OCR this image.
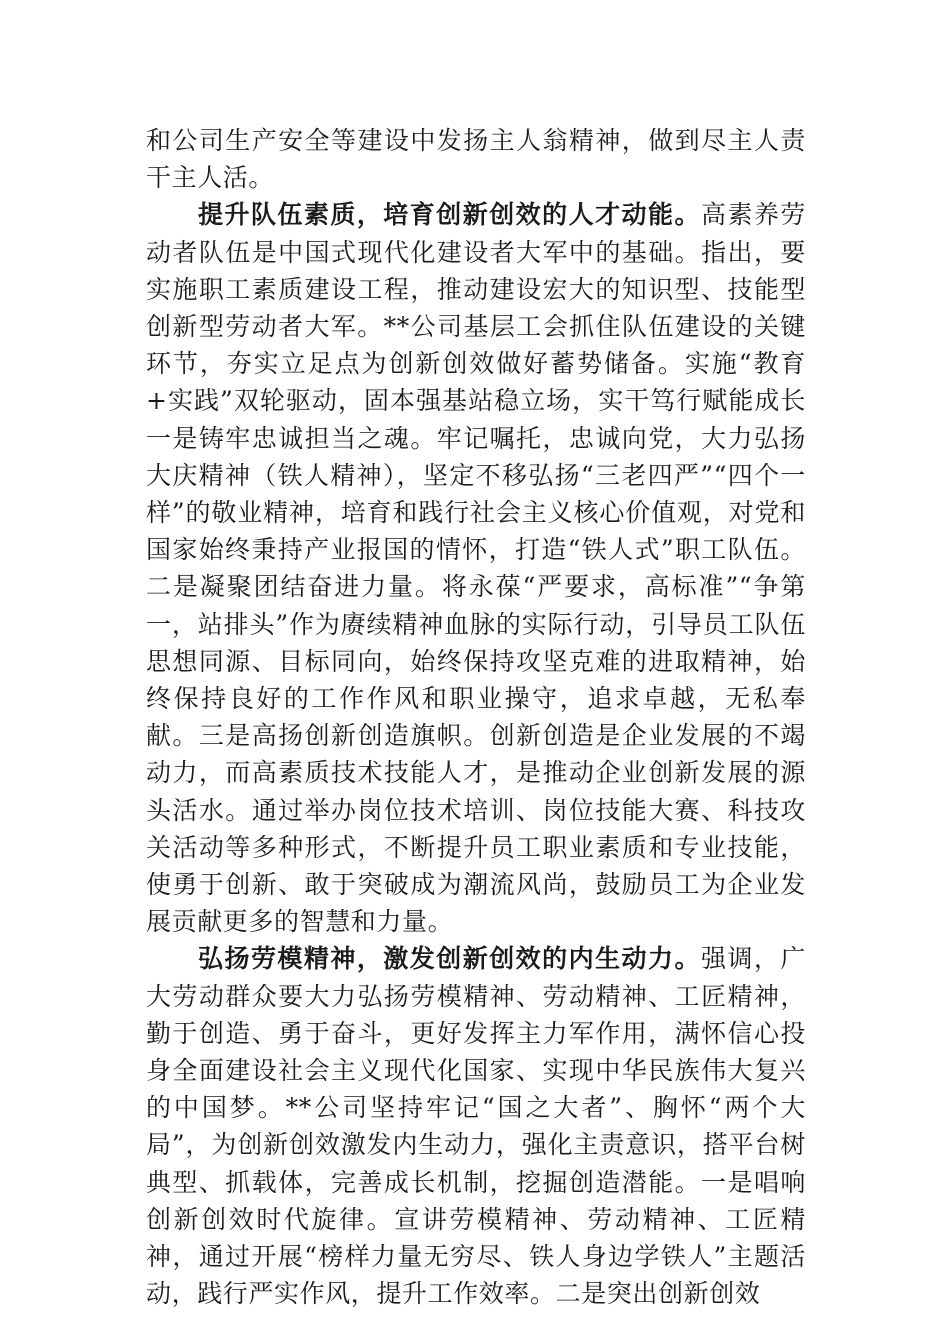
和公司生产安全等建设中发扬主人翁精神，做到尽主人责干主人活。

提升队伍素质，培育创新创效的人才动能。高素养劳动者队伍是中国式现代化建设者大军中的基础。指出，要实施职工素质建设工程，推动建设宏大的知识型、技能型创新型劳动者大军。**公司基层工会抓住队伍建设的关键环节，夯实立足点为创新创效做好蓄势储备。实施“教育+实践”双轮驱动，固本强基站稳立场，实干笃行赋能成长一是铸牢忠诚担当之魂。牢记嘱托，忠诚向党，大力弘扬大庆精神（铁人精神），坚定不移弘扬“三老四严”“四个一样”的敬业精神，培育和践行社会主义核心价值观，对党和国家始终秉持产业报国的情怀，打造“铁人式”职工队伍。二是凝聚团结奋进力量。将永葆“严要求，高标准”“争第一，站排头”作为赓续精神血脉的实际行动，引导员工队伍思想同源、目标同向，始终保持攻坚克难的进取精神，始终保持良好的工作作风和职业操守，追求卓越，无私奉献。三是高扬创新创造旗帜。创新创造是企业发展的不竭动力，而高素质技术技能人才，是推动企业创新发展的源头活水。通过举办岗位技术培训、岗位技能大赛、科技攻关活动等多种形式，不断提升员工职业素质和专业技能，使勇于创新、敢于突破成为潮流风尚，鼓励员工为企业发展贡献更多的智慧和力量。

弘扬劳模精神，激发创新创效的内生动力。强调，广大劳动群众要大力弘扬劳模精神、劳动精神、工匠精神，勤于创造、勇于奋斗，更好发挥主力军作用，满怀信心投身全面建设社会主义现代化国家、实现中华民族伟大复兴的中国梦。**公司坚持牢记“国之大者”、胸怀“两个大局”，为创新创效激发内生动力，强化主责意识，搭平台树典型、抓载体，完善成长机制，挖掘创造潜能。一是唱响创新创效时代旋律。宣讲劳模精神、劳动精神、工匠精神，通过开展“榜样力量无穷尽、铁人身边学铁人”主题活动，践行严实作风，提升工作效率。二是突出创新创效
